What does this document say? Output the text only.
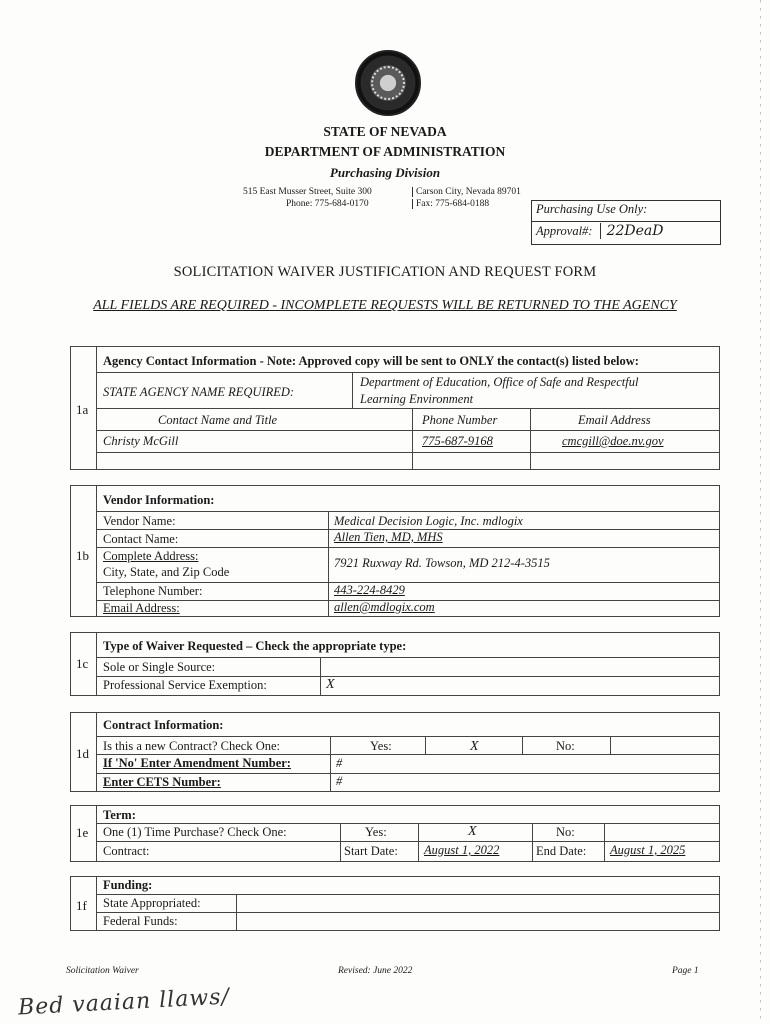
STATE OF NEVADA
DEPARTMENT OF ADMINISTRATION
Purchasing Division
515 East Musser Street, Suite 300	Carson City, Nevada 89701
Phone: 775-684-0170	Fax: 775-684-0188	Purchasing Use Only:
Approval#: 22DeaD
SOLICITATION WAIVER JUSTIFICATION AND REQUEST FORM
ALL FIELDS ARE REQUIRED - INCOMPLETE REQUESTS WILL BE RETURNED TO THE AGENCY
1a
Agency Contact Information - Note: Approved copy will be sent to ONLY the contact(s) listed below:
STATE AGENCY NAME REQUIRED:
Department of Education, Office of Safe and Respectful
Learning Environment
Contact Name and Title	Phone Number	Email Address
Christy McGill	775-687-9168	cmcgill@doe.nv.gov
1b
Vendor Information:
Vendor Name:	Medical Decision Logic, Inc. mdlogix
Contact Name:	Allen Tien, MD, MHS
Complete Address:
City, State, and Zip Code
7921 Ruxway Rd. Towson, MD 212-4-3515
Telephone Number:	443-224-8429
Email Address:	allen@mdlogix.com
1c
Type of Waiver Requested – Check the appropriate type:
Sole or Single Source:
Professional Service Exemption:	X
1d
Contract Information:
Is this a new Contract? Check One:	Yes:	X	No:
If 'No' Enter Amendment Number:	#
Enter CETS Number:	#
1e
Term:
One (1) Time Purchase? Check One:	Yes:	X	No:
Contract:	Start Date: August 1, 2022	End Date: August 1, 2025
1f
Funding:
State Appropriated:
Federal Funds:
Solicitation Waiver	Revised: June 2022	Page 1
Bed vaaian llaws/
